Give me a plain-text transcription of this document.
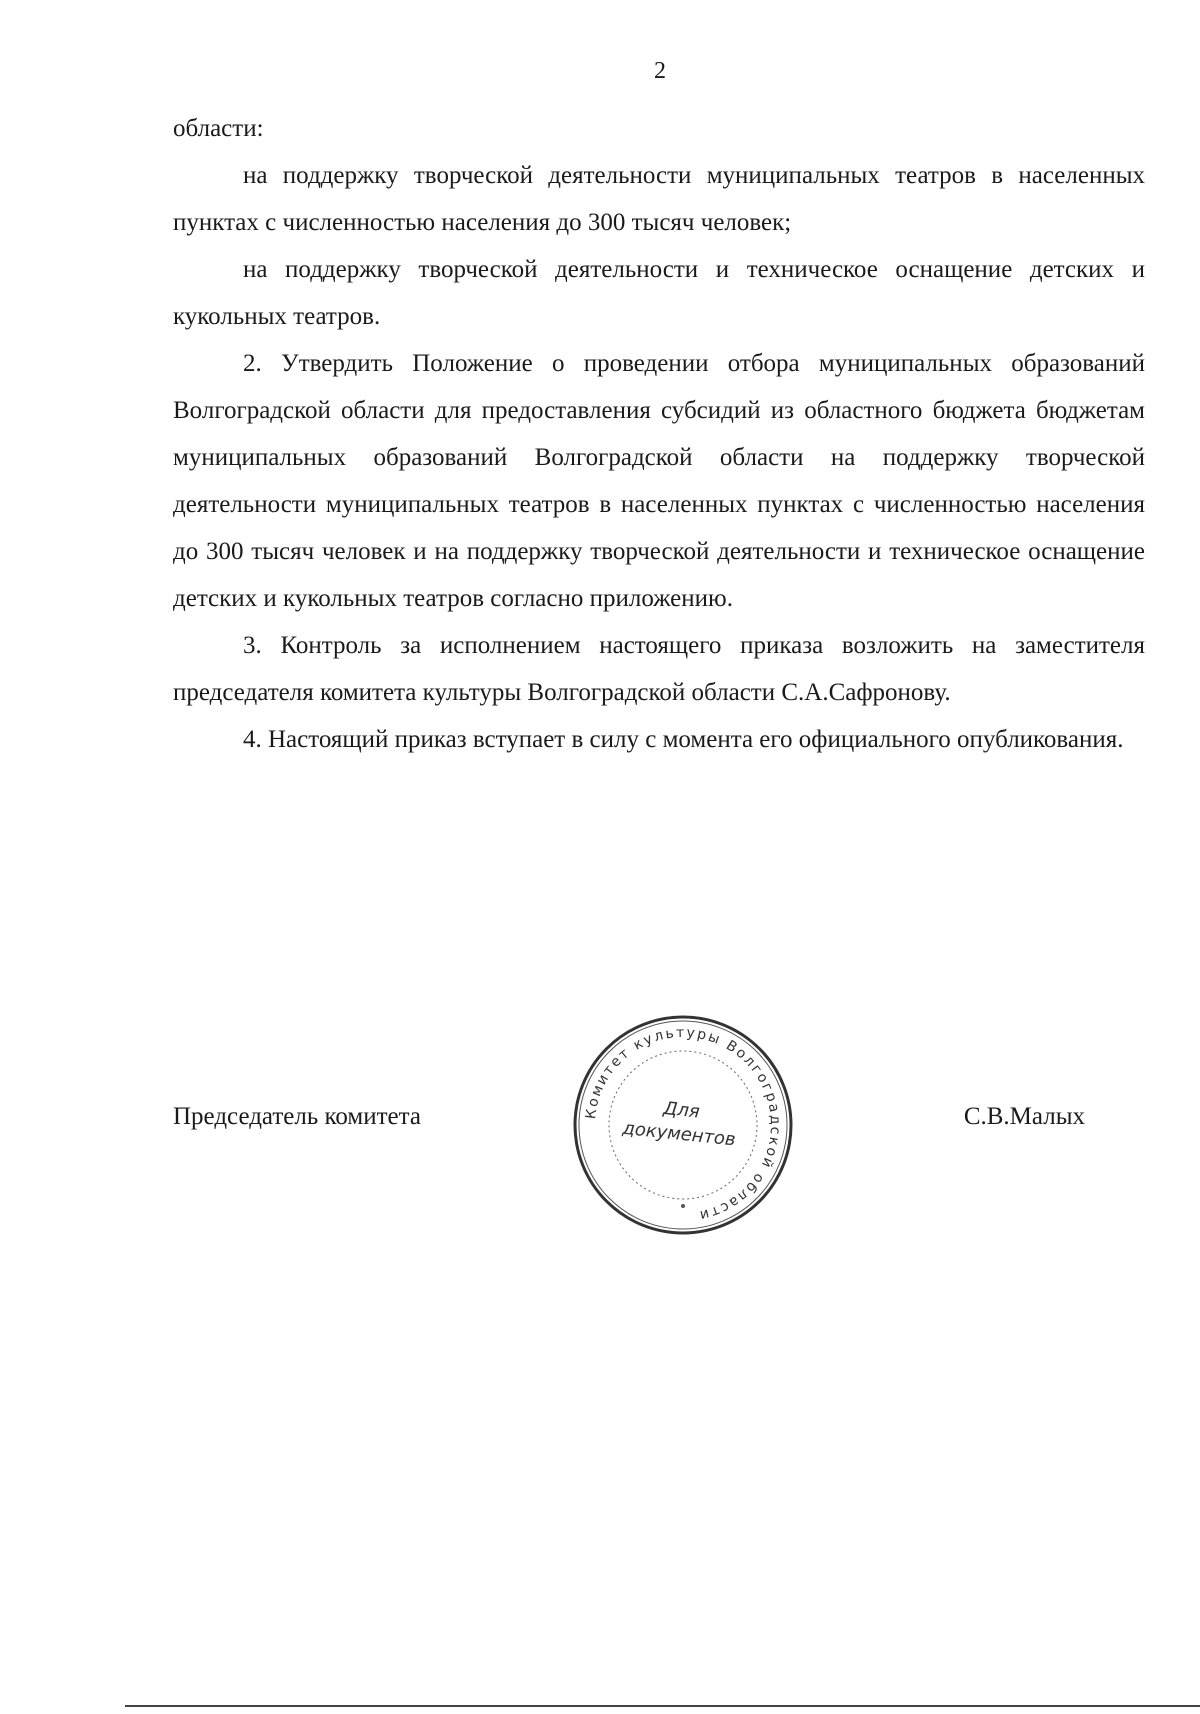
2

области:

на поддержку творческой деятельности муниципальных театров в населенных пунктах с численностью населения до 300 тысяч человек;

на поддержку творческой деятельности и техническое оснащение детских и кукольных театров.

2. Утвердить Положение о проведении отбора муниципальных образований Волгоградской области для предоставления субсидий из областного бюджета бюджетам муниципальных образований Волгоградской области на поддержку творческой деятельности муниципальных театров в населенных пунктах с численностью населения до 300 тысяч человек и на поддержку творческой деятельности и техническое оснащение детских и кукольных театров согласно приложению.

3. Контроль за исполнением настоящего приказа возложить на заместителя председателя комитета культуры Волгоградской области С.А.Сафронову.

4. Настоящий приказ вступает в силу с момента его официального опубликования.

Председатель комитета	С.В.Малых
Комитет культуры Волгоградской области
Для
документов
